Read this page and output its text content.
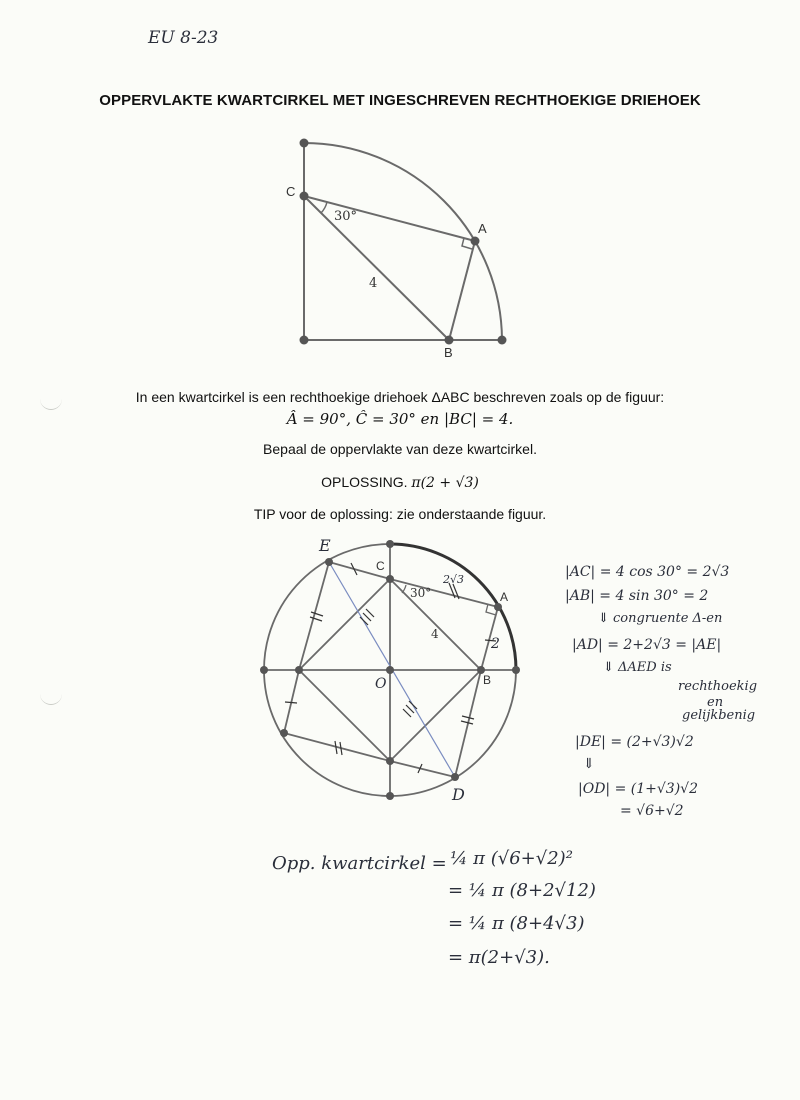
EU 8-23
OPPERVLAKTE KWARTCIRKEL MET INGESCHREVEN RECHTHOEKIGE DRIEHOEK
C
A
B
30°
4
In een kwartcirkel is een rechthoekige driehoek ΔABC beschreven zoals op de figuur:
Â = 90°, Ĉ = 30° en |BC| = 4.
Bepaal de oppervlakte van deze kwartcirkel.
OPLOSSING. π(2 + √3)
TIP voor de oplossing: zie onderstaande figuur.
C
A
B
30°
4
E
D
O
2√3
2
|AC| = 4 cos 30° = 2√3
|AB| = 4 sin 30° = 2
⇓ congruente Δ-en
|AD| = 2+2√3 = |AE|
⇓ ΔAED is
rechthoekig
en
gelijkbenig
|DE| = (2+√3)√2
⇓
|OD| = (1+√3)√2
= √6+√2
Opp. kwartcirkel = ¼ π (√6+√2)²
= ¼ π (8+2√12)
= ¼ π (8+4√3)
= π(2+√3).
